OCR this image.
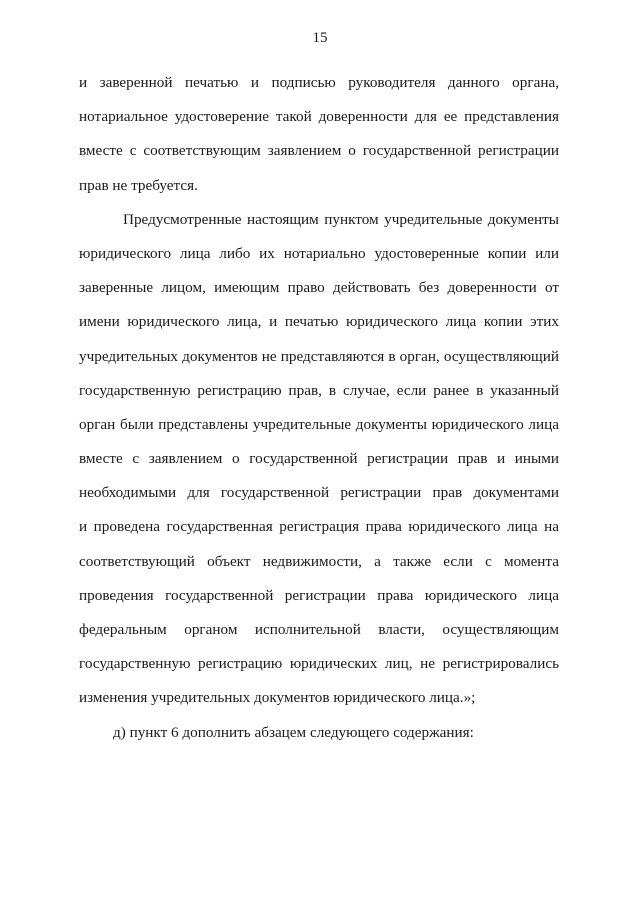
15
и заверенной печатью и подписью руководителя данного органа,
нотариальное удостоверение такой доверенности для ее представления
вместе с соответствующим заявлением о государственной регистрации
прав не требуется.
Предусмотренные настоящим пунктом учредительные документы
юридического лица либо их нотариально удостоверенные копии или
заверенные лицом, имеющим право действовать без доверенности от
имени юридического лица, и печатью юридического лица копии этих
учредительных документов не представляются в орган, осуществляющий
государственную регистрацию прав, в случае, если ранее в указанный
орган были представлены учредительные документы юридического лица
вместе с заявлением о государственной регистрации прав и иными
необходимыми для государственной регистрации прав документами
и проведена государственная регистрация права юридического лица на
соответствующий объект недвижимости, а также если с момента
проведения государственной регистрации права юридического лица
федеральным органом исполнительной власти, осуществляющим
государственную регистрацию юридических лиц, не регистрировались
изменения учредительных документов юридического лица.»;
д) пункт 6 дополнить абзацем следующего содержания:
